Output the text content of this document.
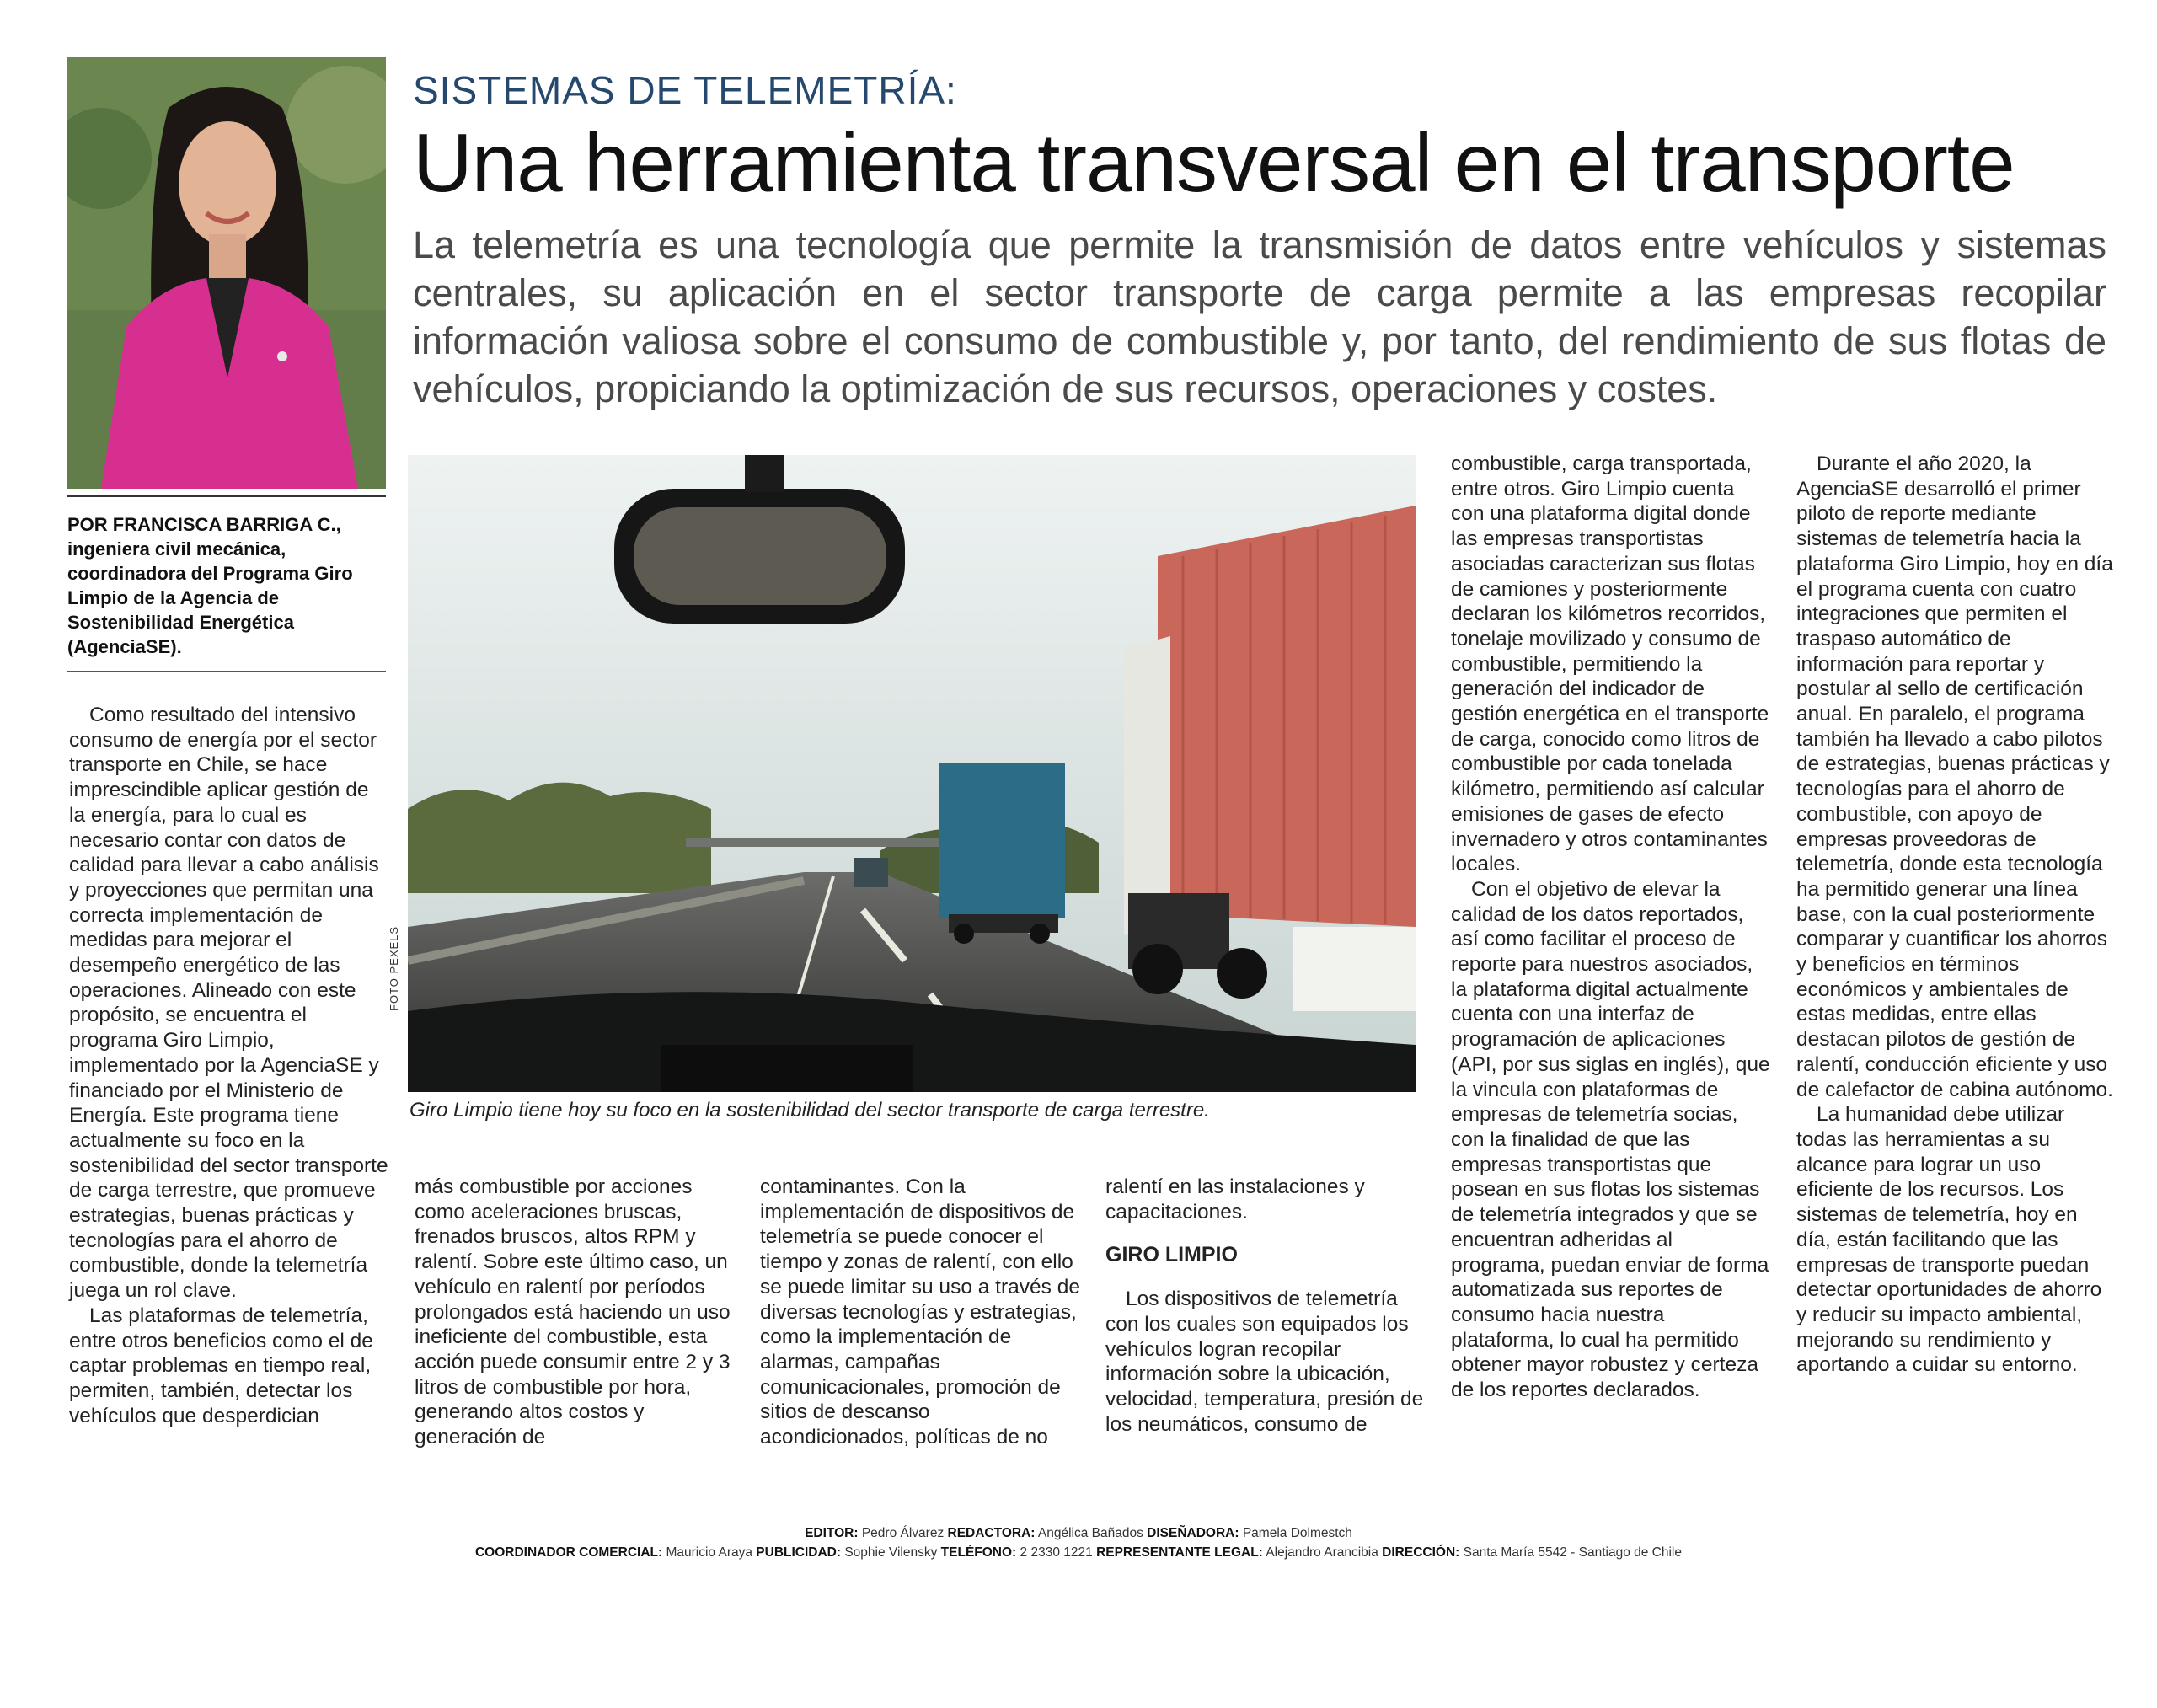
POR FRANCISCA BARRIGA C.,
ingeniera civil mecánica, coordinadora del Programa Giro Limpio de la Agencia de Sostenibilidad Energética (AgenciaSE).
SISTEMAS DE TELEMETRÍA:
Una herramienta transversal en el transporte
La telemetría es una tecnología que permite la transmisión de datos entre vehículos y sistemas centrales, su aplicación en el sector transporte de carga permite a las empresas recopilar información valiosa sobre el consumo de combustible y, por tanto, del rendimiento de sus flotas de vehículos, propiciando la optimización de sus recursos, operaciones y costes.
FOTO PEXELS
Giro Limpio tiene hoy su foco en la sostenibilidad del sector transporte de carga terrestre.

Como resultado del intensivo consumo de energía por el sector transporte en Chile, se hace imprescindible aplicar gestión de la energía, para lo cual es necesario contar con datos de calidad para llevar a cabo análisis y proyecciones que permitan una correcta implementación de medidas para mejorar el desempeño energético de las operaciones. Alineado con este propósito, se encuentra el programa Giro Limpio, implementado por la AgenciaSE y financiado por el Ministerio de Energía. Este programa tiene actualmente su foco en la sostenibilidad del sector transporte de carga terrestre, que promueve estrategias, buenas prácticas y tecnologías para el ahorro de combustible, donde la telemetría juega un rol clave.

Las plataformas de telemetría, entre otros beneficios como el de captar problemas en tiempo real, permiten, también, detectar los vehículos que desperdician

más combustible por acciones como aceleraciones bruscas, frenados bruscos, altos RPM y ralentí. Sobre este último caso, un vehículo en ralentí por períodos prolongados está haciendo un uso ineficiente del combustible, esta acción puede consumir entre 2 y 3 litros de combustible por hora, generando altos costos y generación de

contaminantes. Con la implementación de dispositivos de telemetría se puede conocer el tiempo y zonas de ralentí, con ello se puede limitar su uso a través de diversas tecnologías y estrategias, como la implementación de alarmas, campañas comunicacionales, promoción de sitios de descanso acondicionados, políticas de no

ralentí en las instalaciones y capacitaciones.

GIRO LIMPIO

Los dispositivos de telemetría con los cuales son equipados los vehículos logran recopilar información sobre la ubicación, velocidad, temperatura, presión de los neumáticos, consumo de

combustible, carga transportada, entre otros. Giro Limpio cuenta con una plataforma digital donde las empresas transportistas asociadas caracterizan sus flotas de camiones y posteriormente declaran los kilómetros recorridos, tonelaje movilizado y consumo de combustible, permitiendo la generación del indicador de gestión energética en el transporte de carga, conocido como litros de combustible por cada tonelada kilómetro, permitiendo así calcular emisiones de gases de efecto invernadero y otros contaminantes locales.

Con el objetivo de elevar la calidad de los datos reportados, así como facilitar el proceso de reporte para nuestros asociados, la plataforma digital actualmente cuenta con una interfaz de programación de aplicaciones (API, por sus siglas en inglés), que la vincula con plataformas de empresas de telemetría socias, con la finalidad de que las empresas transportistas que posean en sus flotas los sistemas de telemetría integrados y que se encuentran adheridas al programa, puedan enviar de forma automatizada sus reportes de consumo hacia nuestra plataforma, lo cual ha permitido obtener mayor robustez y certeza de los reportes declarados.

Durante el año 2020, la AgenciaSE desarrolló el primer piloto de reporte mediante sistemas de telemetría hacia la plataforma Giro Limpio, hoy en día el programa cuenta con cuatro integraciones que permiten el traspaso automático de información para reportar y postular al sello de certificación anual. En paralelo, el programa también ha llevado a cabo pilotos de estrategias, buenas prácticas y tecnologías para el ahorro de combustible, con apoyo de empresas proveedoras de telemetría, donde esta tecnología ha permitido generar una línea base, con la cual posteriormente comparar y cuantificar los ahorros y beneficios en términos económicos y ambientales de estas medidas, entre ellas destacan pilotos de gestión de ralentí, conducción eficiente y uso de calefactor de cabina autónomo.

La humanidad debe utilizar todas las herramientas a su alcance para lograr un uso eficiente de los recursos. Los sistemas de telemetría, hoy en día, están facilitando que las empresas de transporte puedan detectar oportunidades de ahorro y reducir su impacto ambiental, mejorando su rendimiento y aportando a cuidar su entorno.

EDITOR: Pedro Álvarez REDACTORA: Angélica Bañados DISEÑADORA: Pamela Dolmestch
COORDINADOR COMERCIAL: Mauricio Araya PUBLICIDAD: Sophie Vilensky TELÉFONO: 2 2330 1221 REPRESENTANTE LEGAL: Alejandro Arancibia DIRECCIÓN: Santa María 5542 - Santiago de Chile
